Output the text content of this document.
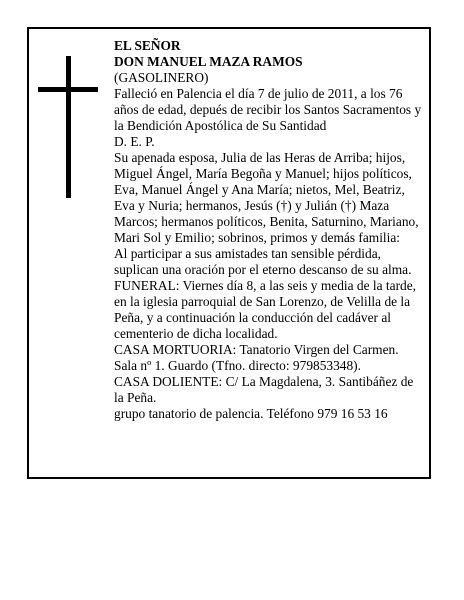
EL SEÑOR

DON MANUEL MAZA RAMOS

(GASOLINERO)

Falleció en Palencia el día 7 de julio de 2011, a los 76 años de edad, depués de recibir los Santos Sacramentos y la Bendición Apostólica de Su Santidad

D. E. P.

Su apenada esposa, Julia de las Heras de Arriba; hijos, Miguel Ángel, María Begoña y Manuel; hijos políticos, Eva, Manuel Ángel y Ana María; nietos, Mel, Beatriz, Eva y Nuria; hermanos, Jesús (†) y Julián (†) Maza Marcos; hermanos políticos, Benita, Saturnino, Mariano, Mari Sol y Emilio; sobrinos, primos y demás familia:

Al participar a sus amistades tan sensible pérdida, suplican una oración por el eterno descanso de su alma.

FUNERAL: Viernes día 8, a las seis y media de la tarde, en la iglesia parroquial de San Lorenzo, de Velilla de la Peña, y a continuación la conducción del cadáver al cementerio de dicha localidad.

CASA MORTUORIA: Tanatorio Virgen del Carmen. Sala nº 1. Guardo (Tfno. directo: 979853348).

CASA DOLIENTE: C/ La Magdalena, 3. Santibáñez de la Peña.

grupo tanatorio de palencia. Teléfono 979 16 53 16
